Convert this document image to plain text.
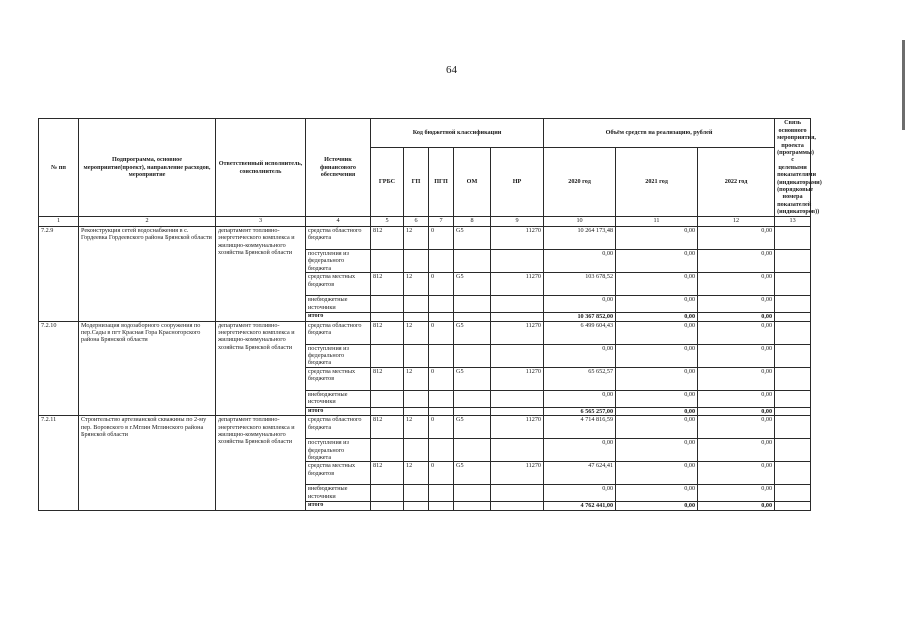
64
№ пп	Подпрограмма, основное мероприятие(проект), направление расходов, мероприятие	Ответственный исполнитель, соисполнитель	Источник финансового обеспечения	Код бюджетной классификации					Объём средств на реализацию, рублей			Связь основного мероприятия, проекта (программы) с целевыми показателями (индикаторами) (порядковые номера показателей (индикаторов))
				ГРБС	ГП	ПГП	ОМ	НР	2020 год	2021 год	2022 год	
1	2	3	4	5	6	7	8	9	10	11	12	13
7.2.9	Реконструкция сетей водоснабжения в с. Гордеевка Гордеевского района Брянской области	департамент топливно-энергетического комплекса и жилищно-коммунального хозяйства Брянской области	средства областного бюджета	812	12	0	G5	11270	10 264 173,48	0,00	0,00	
			поступления из федерального бюджета						0,00	0,00	0,00	
			средства местных бюджетов	812	12	0	G5	11270	103 678,52	0,00	0,00	
			внебюджетные источники						0,00	0,00	0,00	
			итого						10 367 852,00	0,00	0,00	
7.2.10	Модернизация водозаборного сооружения по пер.Сады в пгт Красная Гора Красногорского района Брянской области	департамент топливно-энергетического комплекса и жилищно-коммунального хозяйства Брянской области	средства областного бюджета	812	12	0	G5	11270	6 499 604,43	0,00	0,00	
			поступления из федерального бюджета						0,00	0,00	0,00	
			средства местных бюджетов	812	12	0	G5	11270	65 652,57	0,00	0,00	
			внебюджетные источники						0,00	0,00	0,00	
			итого						6 565 257,00	0,00	0,00	
7.2.11	Строительство артезианской скважины по 2-му пер. Воровского в г.Мглин Мглинского района Брянской области	департамент топливно-энергетического комплекса и жилищно-коммунального хозяйства Брянской области	средства областного бюджета	812	12	0	G5	11270	4 714 816,59	0,00	0,00	
			поступления из федерального бюджета						0,00	0,00	0,00	
			средства местных бюджетов	812	12	0	G5	11270	47 624,41	0,00	0,00	
			внебюджетные источники						0,00	0,00	0,00	
			итого						4 762 441,00	0,00	0,00	
